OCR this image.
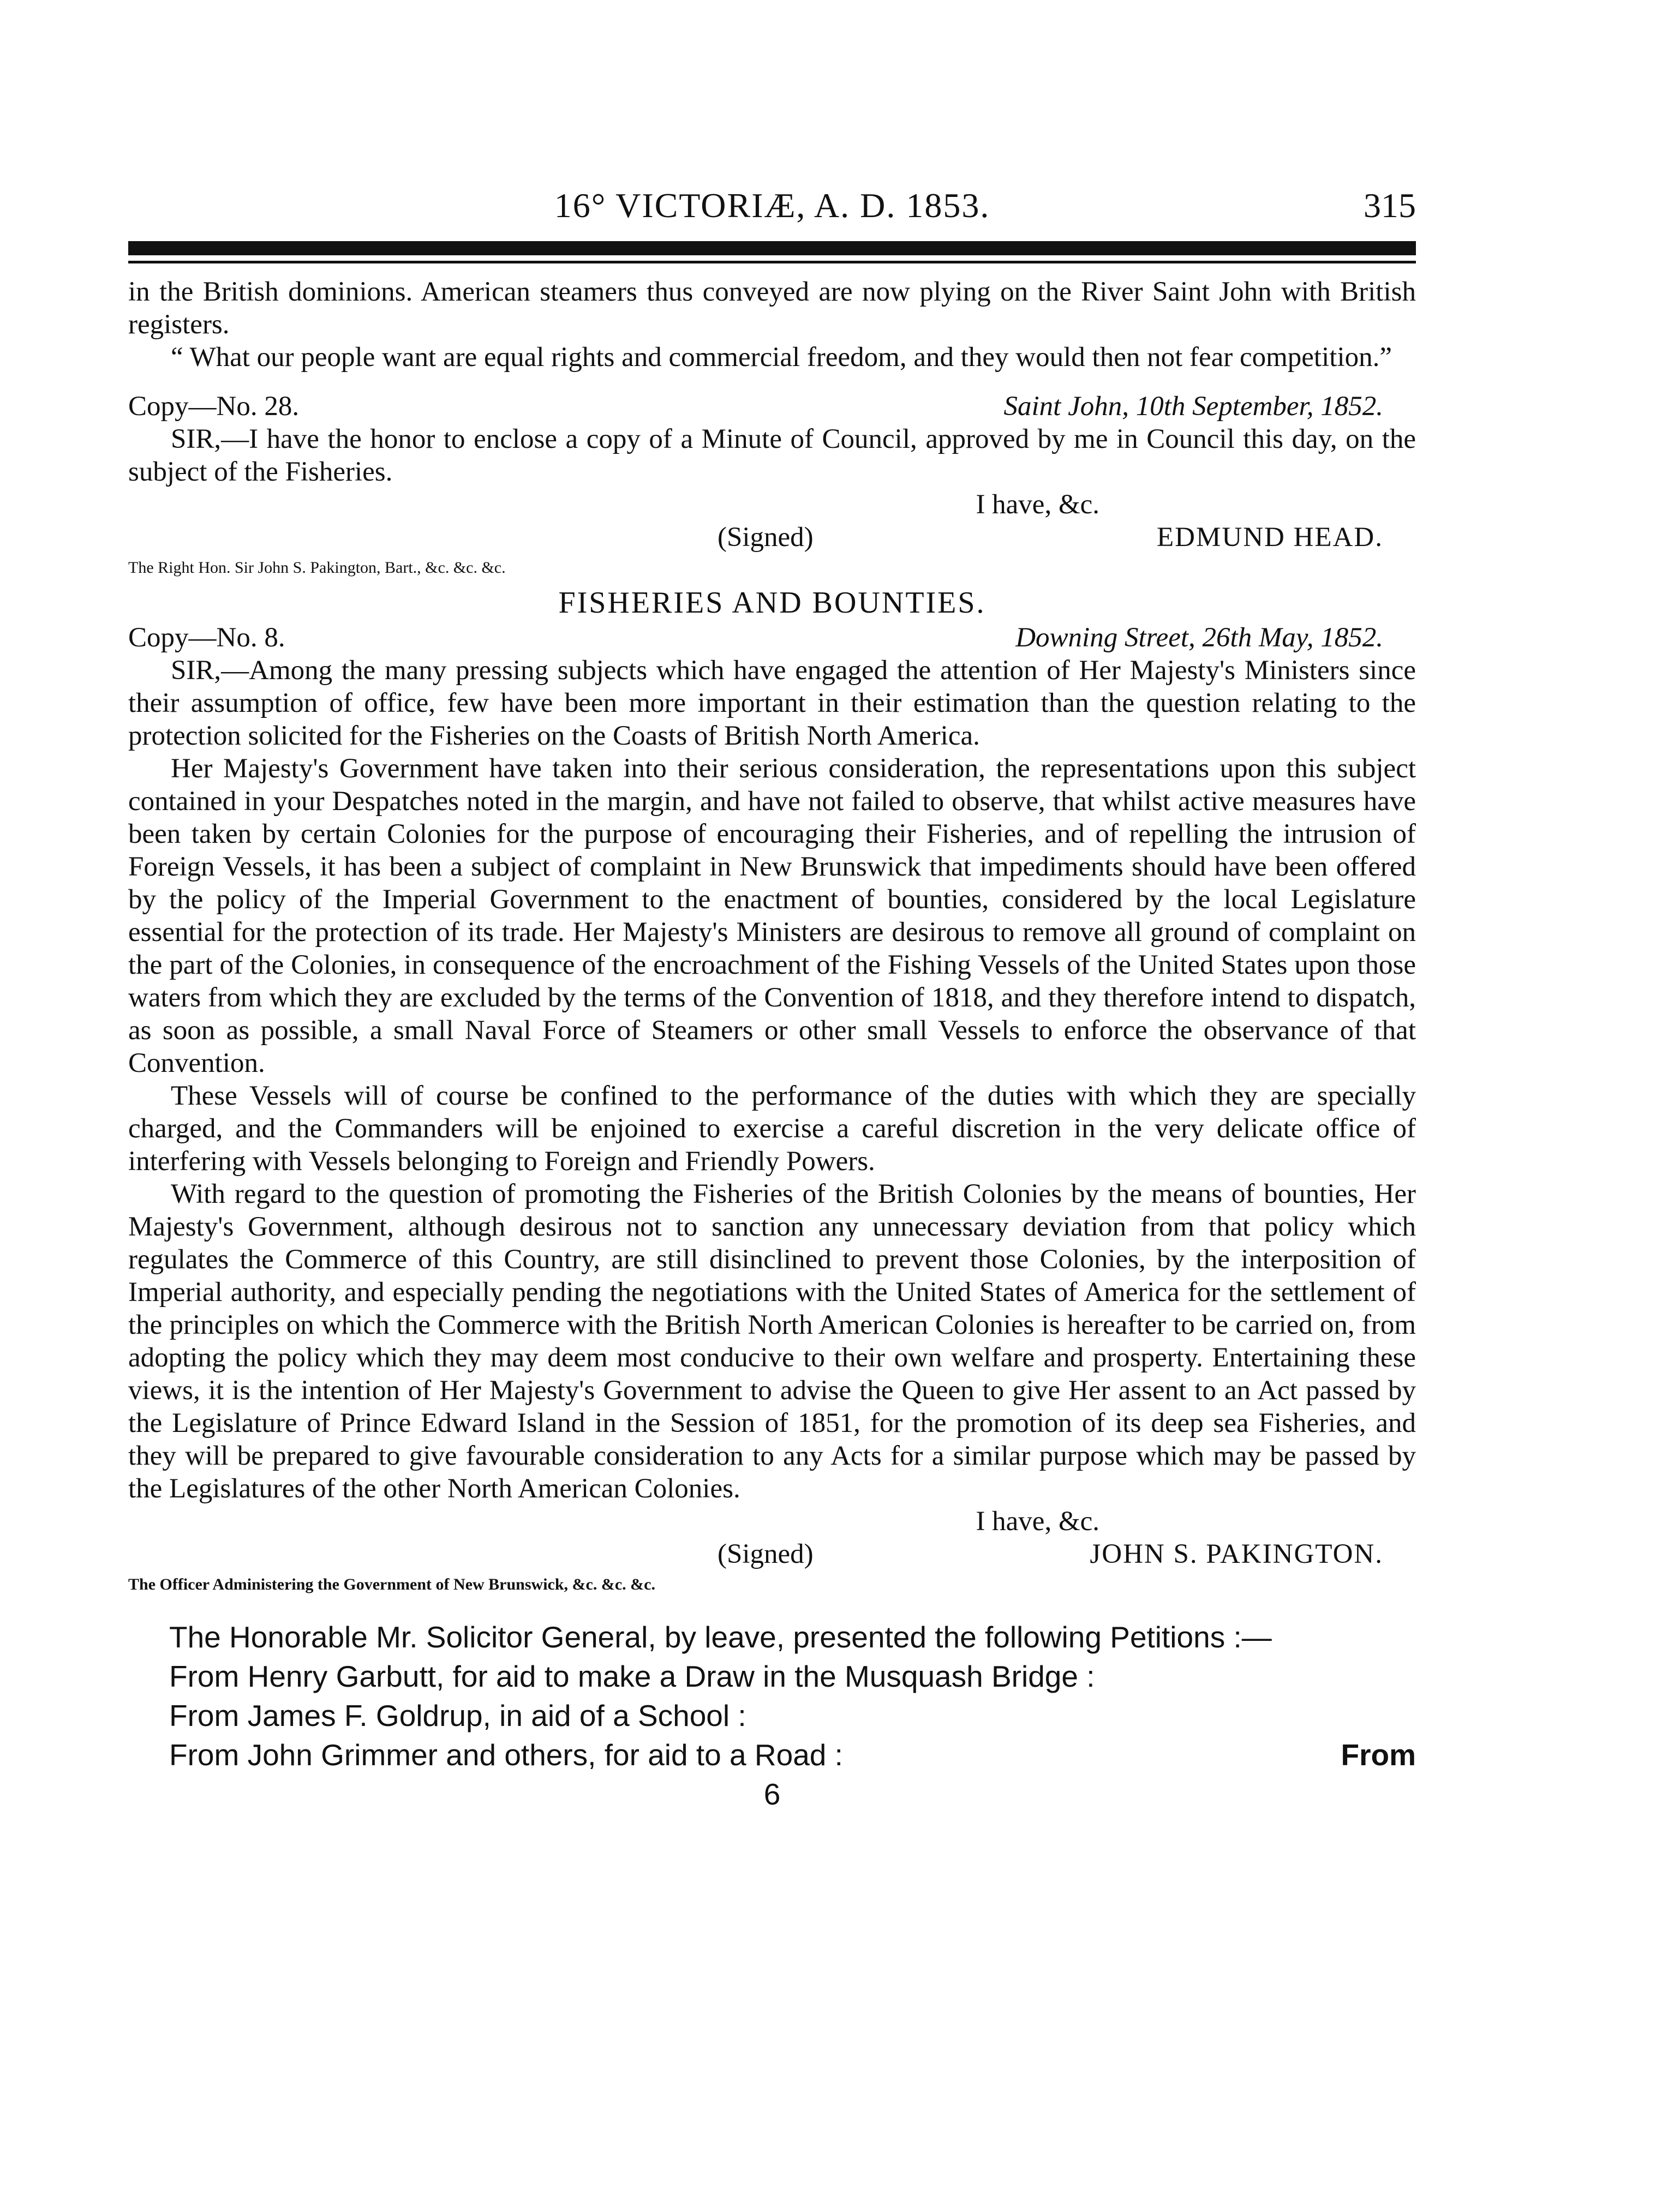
16° VICTORIÆ, A. D. 1853.	315

in the British dominions. American steamers thus conveyed are now plying on the River Saint John with British registers.

“ What our people want are equal rights and commercial freedom, and they would then not fear competition.”

Copy—No. 28.	Saint John, 10th September, 1852.

SIR,—I have the honor to enclose a copy of a Minute of Council, approved by me in Council this day, on the subject of the Fisheries.

I have, &c.

(Signed)	EDMUND HEAD.

The Right Hon. Sir John S. Pakington, Bart., &c. &c. &c.

FISHERIES AND BOUNTIES.
Copy—No. 8.	Downing Street, 26th May, 1852.

SIR,—Among the many pressing subjects which have engaged the attention of Her Majesty's Ministers since their assumption of office, few have been more important in their estimation than the question relating to the protection solicited for the Fisheries on the Coasts of British North America.

Her Majesty's Government have taken into their serious consideration, the representations upon this subject contained in your Despatches noted in the margin, and have not failed to observe, that whilst active measures have been taken by certain Colonies for the purpose of encouraging their Fisheries, and of repelling the intrusion of Foreign Vessels, it has been a subject of complaint in New Brunswick that impediments should have been offered by the policy of the Imperial Government to the enactment of bounties, considered by the local Legislature essential for the protection of its trade. Her Majesty's Ministers are desirous to remove all ground of complaint on the part of the Colonies, in consequence of the encroachment of the Fishing Vessels of the United States upon those waters from which they are excluded by the terms of the Convention of 1818, and they therefore intend to dispatch, as soon as possible, a small Naval Force of Steamers or other small Vessels to enforce the observance of that Convention.

These Vessels will of course be confined to the performance of the duties with which they are specially charged, and the Commanders will be enjoined to exercise a careful discretion in the very delicate office of interfering with Vessels belonging to Foreign and Friendly Powers.

With regard to the question of promoting the Fisheries of the British Colonies by the means of bounties, Her Majesty's Government, although desirous not to sanction any unnecessary deviation from that policy which regulates the Commerce of this Country, are still disinclined to prevent those Colonies, by the interposition of Imperial authority, and especially pending the negotiations with the United States of America for the settlement of the principles on which the Commerce with the British North American Colonies is hereafter to be carried on, from adopting the policy which they may deem most conducive to their own welfare and prosperty. Entertaining these views, it is the intention of Her Majesty's Government to advise the Queen to give Her assent to an Act passed by the Legislature of Prince Edward Island in the Session of 1851, for the promotion of its deep sea Fisheries, and they will be prepared to give favourable consideration to any Acts for a similar purpose which may be passed by the Legislatures of the other North American Colonies.

I have, &c.

(Signed)	JOHN S. PAKINGTON.

The Officer Administering the Government of New Brunswick, &c. &c. &c.

The Honorable Mr. Solicitor General, by leave, presented the following Petitions :—

From Henry Garbutt, for aid to make a Draw in the Musquash Bridge :

From James F. Goldrup, in aid of a School :

From John Grimmer and others, for aid to a Road :	From
6
